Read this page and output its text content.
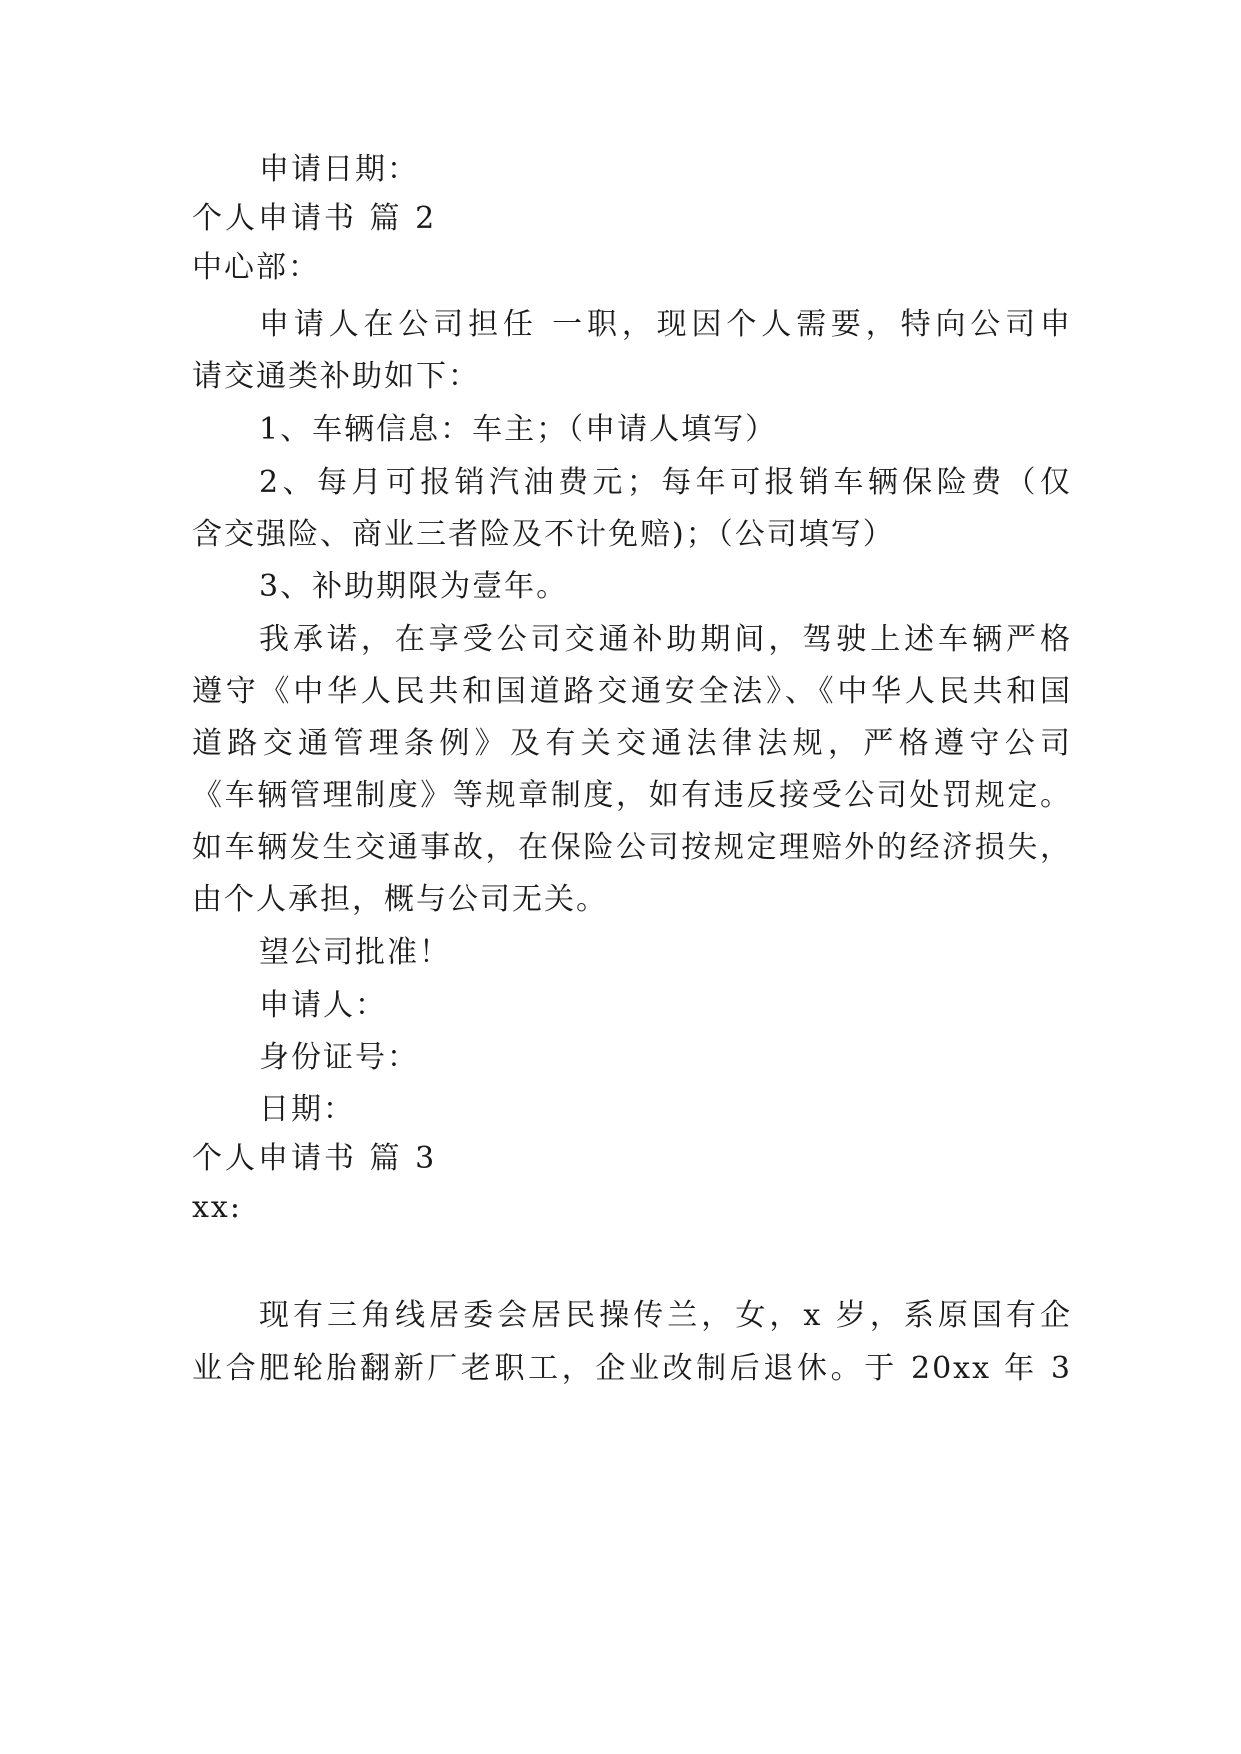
申请日期：
个人申请书 篇 2
中心部：
申请人在公司担任 一职，现因个人需要，特向公司申
请交通类补助如下：
1、车辆信息：车主；（申请人填写）
2、每月可报销汽油费元；每年可报销车辆保险费（仅
含交强险、商业三者险及不计免赔)；（公司填写）
3、补助期限为壹年。
我承诺，在享受公司交通补助期间，驾驶上述车辆严格
遵守《中华人民共和国道路交通安全法》、《中华人民共和国
道路交通管理条例》及有关交通法律法规，严格遵守公司
《车辆管理制度》等规章制度，如有违反接受公司处罚规定。
如车辆发生交通事故，在保险公司按规定理赔外的经济损失，
由个人承担，概与公司无关。
望公司批准！
申请人：
身份证号：
日期：
个人申请书 篇 3
xx:
现有三角线居委会居民操传兰，女，x 岁，系原国有企
业合肥轮胎翻新厂老职工，企业改制后退休。于 20xx 年 3
